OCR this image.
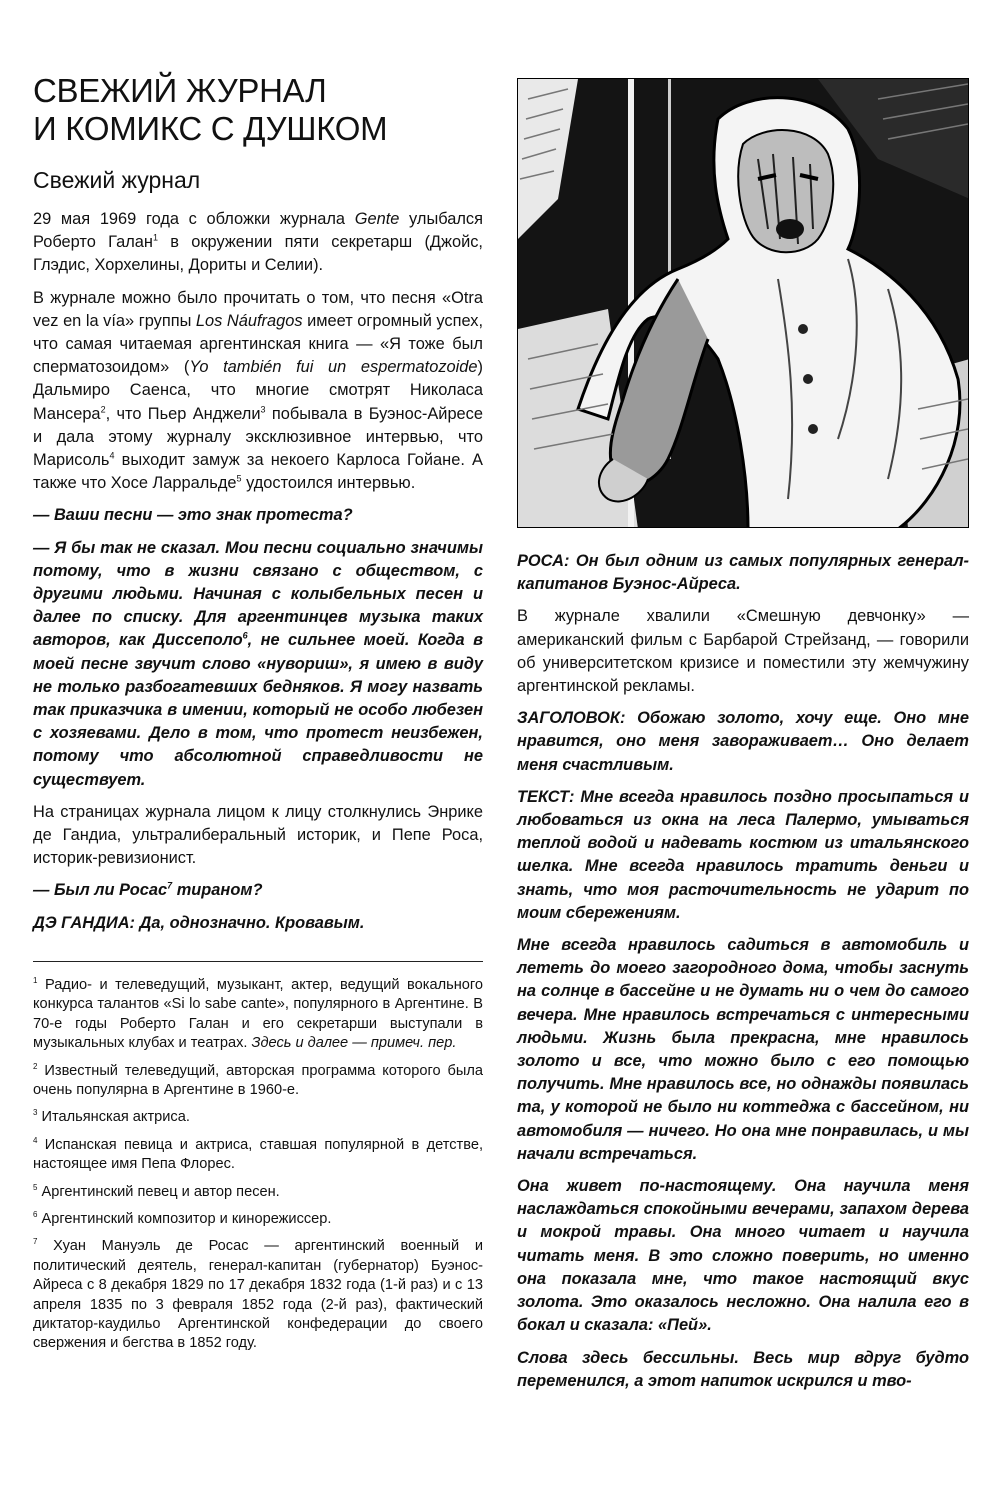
СВЕЖИЙ ЖУРНАЛ
И КОМИКС С ДУШКОМ
Свежий журнал

29 мая 1969 года с обложки журнала Gente улыбался Роберто Галан$^1$ в окружении пяти секретарш (Джойс, Глэдис, Хорхелины, Дориты и Селии).

В журнале можно было прочитать о том, что песня «Otra vez en la vía» группы Los Náufragos имеет огромный успех, что самая читаемая аргентинская книга — «Я тоже был сперматозоидом» (Yo también fui un espermatozoide) Дальмиро Саенса, что многие смотрят Николаса Мансера$^2$, что Пьер Анджели$^3$ побывала в Буэнос-Айресе и дала этому журналу эксклюзивное интервью, что Марисоль$^4$ выходит замуж за некоего Карлоса Гойане. А также что Хосе Ларральде$^5$ удостоился интервью.

— Ваши песни — это знак протеста?

— Я бы так не сказал. Мои песни социально значимы потому, что в жизни связано с обществом, с другими людьми. Начиная с колыбельных песен и далее по списку. Для аргентинцев музыка таких авторов, как Диссеполо$^6$, не сильнее моей. Когда в моей песне звучит слово «нувориш», я имею в виду не только разбогатевших бедняков. Я могу назвать так приказчика в имении, который не особо любезен с хозяевами. Дело в том, что протест неизбежен, потому что абсолютной справедливости не существует.

На страницах журнала лицом к лицу столкнулись Энрике де Гандиа, ультралиберальный историк, и Пепе Роса, историк-ревизионист.

— Был ли Росас$^7$ тираном?

ДЭ ГАНДИА: Да, однозначно. Кровавым.

$^1$ Радио- и телеведущий, музыкант, актер, ведущий вокального конкурса талантов «Si lo sabe cante», популярного в Аргентине. В 70-е годы Роберто Галан и его секретарши выступали в музыкальных клубах и театрах. Здесь и далее — примеч. пер.

$^2$ Известный телеведущий, авторская программа которого была очень популярна в Аргентине в 1960-е.

$^3$ Итальянская актриса.

$^4$ Испанская певица и актриса, ставшая популярной в детстве, настоящее имя Пепа Флорес.

$^5$ Аргентинский певец и автор песен.

$^6$ Аргентинский композитор и кинорежиссер.

$^7$ Хуан Мануэль де Росас — аргентинский военный и политический деятель, генерал-капитан (губернатор) Буэнос-Айреса с 8 декабря 1829 по 17 декабря 1832 года (1-й раз) и с 13 апреля 1835 по 3 февраля 1852 года (2-й раз), фактический диктатор-каудильо Аргентинской конфедерации до своего свержения и бегства в 1852 году.

РОСА: Он был одним из самых популярных генерал-капитанов Буэнос-Айреса.

В журнале хвалили «Смешную девчонку» — американский фильм с Барбарой Стрейзанд, — говорили об университетском кризисе и поместили эту жемчужину аргентинской рекламы.

ЗАГОЛОВОК: Обожаю золото, хочу еще. Оно мне нравится, оно меня завораживает… Оно делает меня счастливым.

ТЕКСТ: Мне всегда нравилось поздно просыпаться и любоваться из окна на леса Палермо, умываться теплой водой и надевать костюм из итальянского шелка. Мне всегда нравилось тратить деньги и знать, что моя расточительность не ударит по моим сбережениям.

Мне всегда нравилось садиться в автомобиль и лететь до моего загородного дома, чтобы заснуть на солнце в бассейне и не думать ни о чем до самого вечера. Мне нравилось встречаться с интересными людьми. Жизнь была прекрасна, мне нравилось золото и все, что можно было с его помощью получить. Мне нравилось все, но однажды появилась та, у которой не было ни коттеджа с бассейном, ни автомобиля — ничего. Но она мне понравилась, и мы начали встречаться.

Она живет по-настоящему. Она научила меня наслаждаться спокойными вечерами, запахом дерева и мокрой травы. Она много читает и научила читать меня. В это сложно поверить, но именно она показала мне, что такое настоящий вкус золота. Это оказалось несложно. Она налила его в бокал и сказала: «Пей».

Слова здесь бессильны. Весь мир вдруг будто переменился, а этот напиток искрился и тво-
